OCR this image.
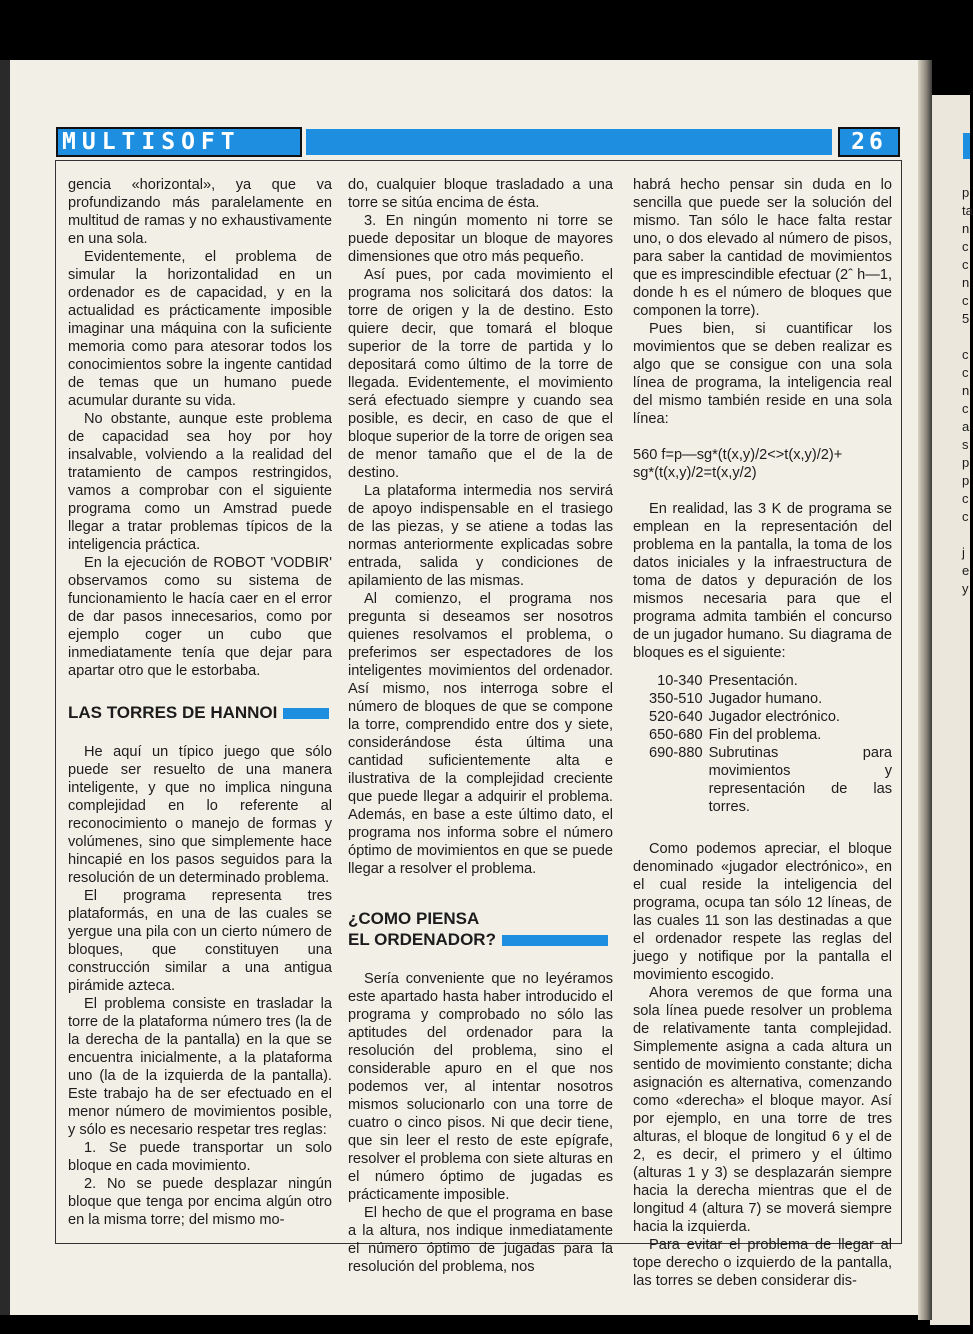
MULTISOFT	26

gencia «horizontal», ya que va profundizando más paralelamente en multitud de ramas y no exhaustivamente en una sola.

Evidentemente, el problema de simular la horizontalidad en un ordenador es de capacidad, y en la actualidad es prácticamente imposible imaginar una máquina con la suficiente memoria como para atesorar todos los conocimientos sobre la ingente cantidad de temas que un humano puede acumular durante su vida.

No obstante, aunque este problema de capacidad sea hoy por hoy insalvable, volviendo a la realidad del tratamiento de campos restringidos, vamos a comprobar con el siguiente programa como un Amstrad puede llegar a tratar problemas típicos de la inteligencia práctica.

En la ejecución de ROBOT 'VODBIR' observamos como su sistema de funcionamiento le hacía caer en el error de dar pasos innecesarios, como por ejemplo coger un cubo que inmediatamente tenía que dejar para apartar otro que le estorbaba.

LAS TORRES DE HANNOI

He aquí un típico juego que sólo puede ser resuelto de una manera inteligente, y que no implica ninguna complejidad en lo referente al reconocimiento o manejo de formas y volúmenes, sino que simplemente hace hincapié en los pasos seguidos para la resolución de un determinado problema.

El programa representa tres plataformás, en una de las cuales se yergue una pila con un cierto número de bloques, que constituyen una construcción similar a una antigua pirámide azteca.

El problema consiste en trasladar la torre de la plataforma número tres (la de la derecha de la pantalla) en la que se encuentra inicialmente, a la plataforma uno (la de la izquierda de la pantalla). Este trabajo ha de ser efectuado en el menor número de movimientos posible, y sólo es necesario respetar tres reglas:

1. Se puede transportar un solo bloque en cada movimiento.

2. No se puede desplazar ningún bloque que tenga por encima algún otro en la misma torre; del mismo mo-

do, cualquier bloque trasladado a una torre se sitúa encima de ésta.

3. En ningún momento ni torre se puede depositar un bloque de mayores dimensiones que otro más pequeño.

Así pues, por cada movimiento el programa nos solicitará dos datos: la torre de origen y la de destino. Esto quiere decir, que tomará el bloque superior de la torre de partida y lo depositará como último de la torre de llegada. Evidentemente, el movimiento será efectuado siempre y cuando sea posible, es decir, en caso de que el bloque superior de la torre de origen sea de menor tamaño que el de la de destino.

La plataforma intermedia nos servirá de apoyo indispensable en el trasiego de las piezas, y se atiene a todas las normas anteriormente explicadas sobre entrada, salida y condiciones de apilamiento de las mismas.

Al comienzo, el programa nos pregunta si deseamos ser nosotros quienes resolvamos el problema, o preferimos ser espectadores de los inteligentes movimientos del ordenador. Así mismo, nos interroga sobre el número de bloques de que se compone la torre, comprendido entre dos y siete, considerándose ésta última una cantidad suficientemente alta e ilustrativa de la complejidad creciente que puede llegar a adquirir el problema. Además, en base a este último dato, el programa nos informa sobre el número óptimo de movimientos en que se puede llegar a resolver el problema.

¿COMO PIENSA
EL ORDENADOR?

Sería conveniente que no leyéramos este apartado hasta haber introducido el programa y comprobado no sólo las aptitudes del ordenador para la resolución del problema, sino el considerable apuro en el que nos podemos ver, al intentar nosotros mismos solucionarlo con una torre de cuatro o cinco pisos. Ni que decir tiene, que sin leer el resto de este epígrafe, resolver el problema con siete alturas en el número óptimo de jugadas es prácticamente imposible.

El hecho de que el programa en base a la altura, nos indique inmediatamente el número óptimo de jugadas para la resolución del problema, nos

habrá hecho pensar sin duda en lo sencilla que puede ser la solución del mismo. Tan sólo le hace falta restar uno, o dos elevado al número de pisos, para saber la cantidad de movimientos que es imprescindible efectuar (2ˆ h—1, donde h es el número de bloques que componen la torre).

Pues bien, si cuantificar los movimientos que se deben realizar es algo que se consigue con una sola línea de programa, la inteligencia real del mismo también reside en una sola línea:

560 f=p—sg*(t(x,y)/2<>t(x,y)/2)+
sg*(t(x,y)/2=t(x,y/2)

En realidad, las 3 K de programa se emplean en la representación del problema en la pantalla, la toma de los datos iniciales y la infraestructura de toma de datos y depuración de los mismos necesaria para que el programa admita también el concurso de un jugador humano. Su diagrama de bloques es el siguiente:

10-340	Presentación.
350-510	Jugador humano.
520-640	Jugador electrónico.
650-680	Fin del problema.
690-880	Subrutinas para movimientos y representación de las torres.

Como podemos apreciar, el bloque denominado «jugador electrónico», en el cual reside la inteligencia del programa, ocupa tan sólo 12 líneas, de las cuales 11 son las destinadas a que el ordenador respete las reglas del juego y notifique por la pantalla el movimiento escogido.

Ahora veremos de que forma una sola línea puede resolver un problema de relativamente tanta complejidad. Simplemente asigna a cada altura un sentido de movimiento constante; dicha asignación es alternativa, comenzando como «derecha» el bloque mayor. Así por ejemplo, en una torre de tres alturas, el bloque de longitud 6 y el de 2, es decir, el primero y el último (alturas 1 y 3) se desplazarán siempre hacia la derecha mientras que el de longitud 4 (altura 7) se moverá siempre hacia la izquierda.

Para evitar el problema de llegar al tope derecho o izquierdo de la pantalla, las torres se deben considerar dis-

p
ta
n
c
c
n
c
5
c
c
n
c
a
s
p
p
c
c
j
e
y
